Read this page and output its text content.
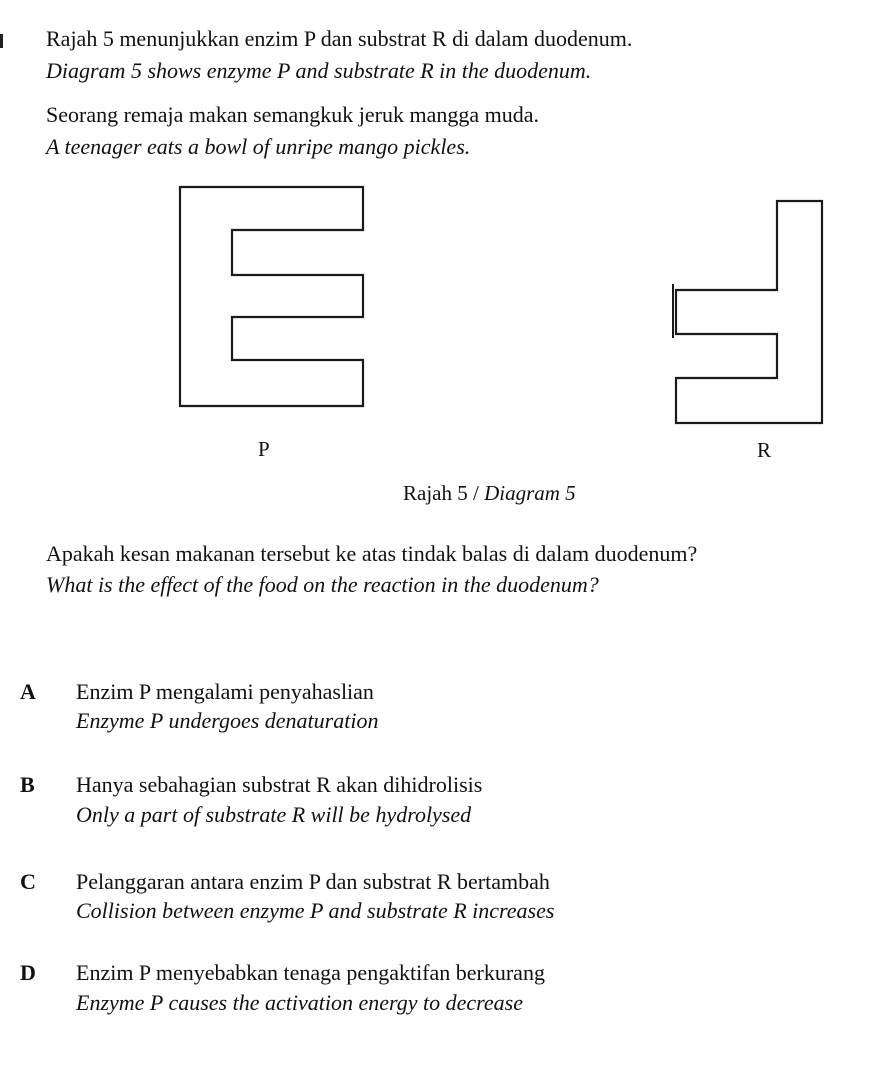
Rajah 5 menunjukkan enzim P dan substrat R di dalam duodenum.
Diagram 5 shows enzyme P and substrate R in the duodenum.
Seorang remaja makan semangkuk jeruk mangga muda.
A teenager eats a bowl of unripe mango pickles.
P	R
Rajah 5 / Diagram 5
Apakah kesan makanan tersebut ke atas tindak balas di dalam duodenum?
What is the effect of the food on the reaction in the duodenum?
A Enzim P mengalami penyahaslian
Enzyme P undergoes denaturation
B Hanya sebahagian substrat R akan dihidrolisis
Only a part of substrate R will be hydrolysed
C Pelanggaran antara enzim P dan substrat R bertambah
Collision between enzyme P and substrate R increases
D Enzim P menyebabkan tenaga pengaktifan berkurang
Enzyme P causes the activation energy to decrease
